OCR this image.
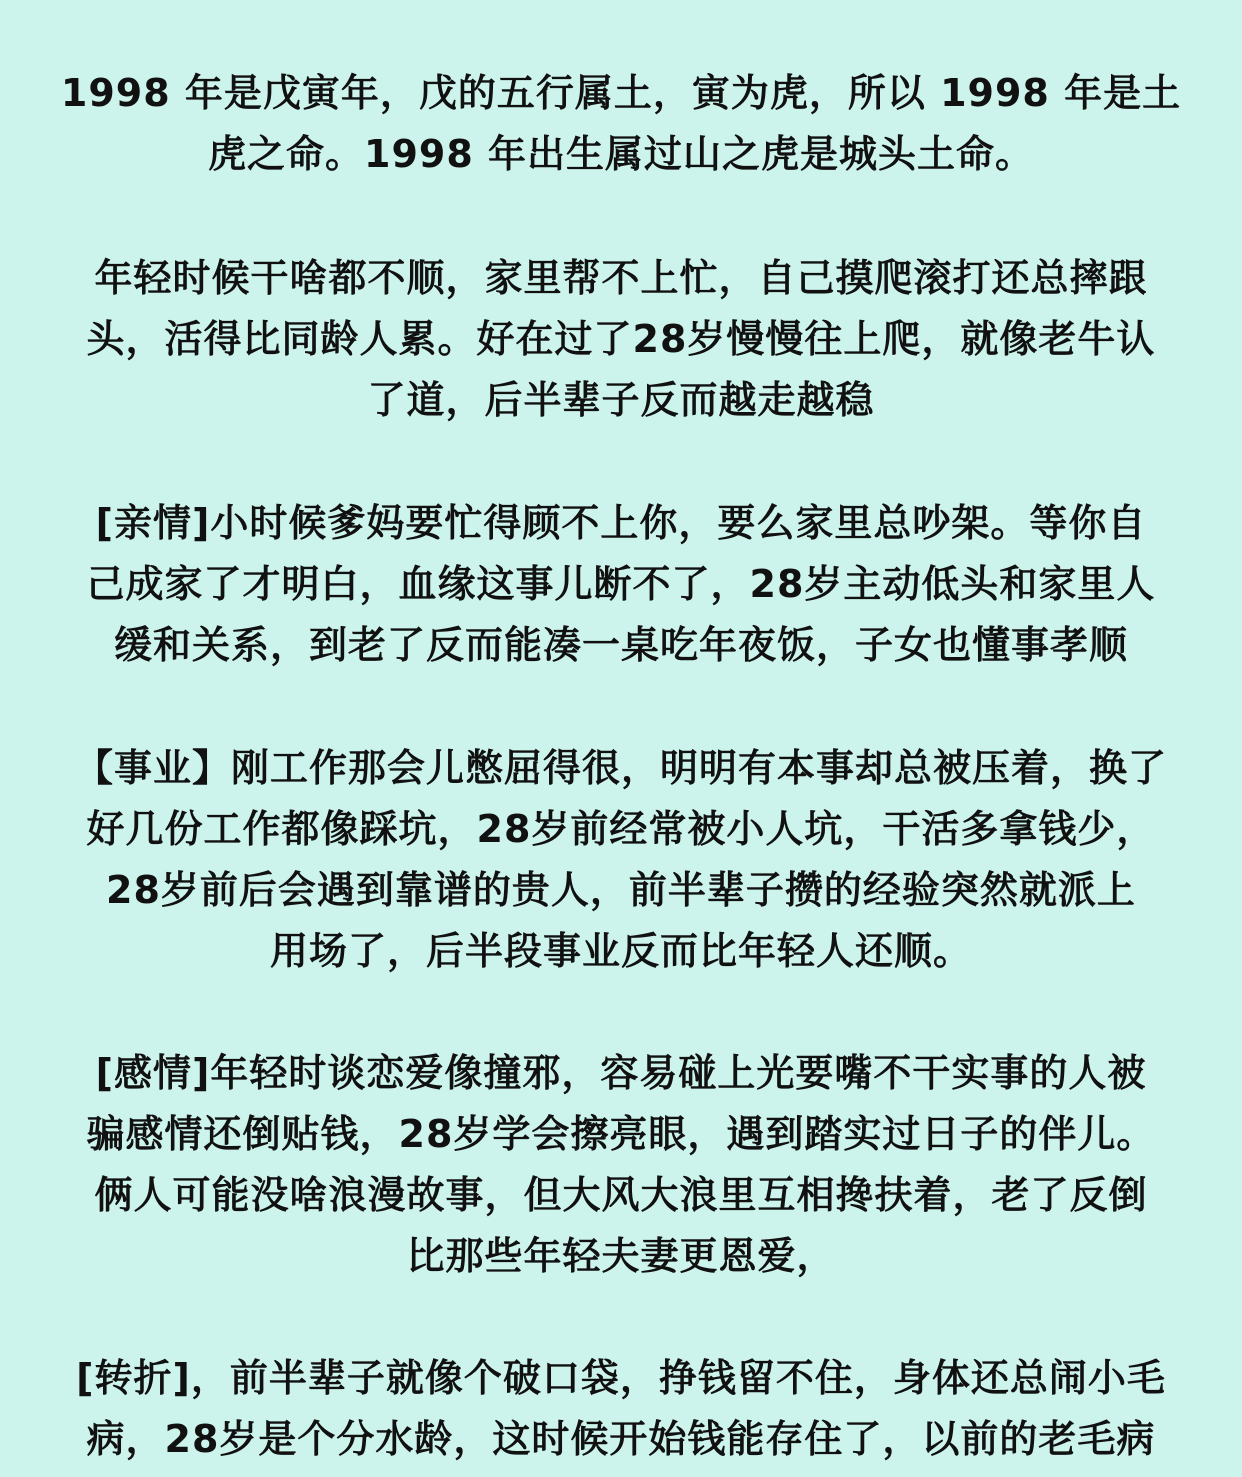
1998 年是戊寅年，戊的五行属土，寅为虎，所以 1998 年是土
虎之命。1998 年出生属过山之虎是城头土命。
年轻时候干啥都不顺，家里帮不上忙，自己摸爬滚打还总摔跟
头，活得比同龄人累。好在过了28岁慢慢往上爬，就像老牛认
了道，后半辈子反而越走越稳
[亲情]小时候爹妈要忙得顾不上你，要么家里总吵架。等你自
己成家了才明白，血缘这事儿断不了，28岁主动低头和家里人
缓和关系，到老了反而能凑一桌吃年夜饭，子女也懂事孝顺
【事业】刚工作那会儿憋屈得很，明明有本事却总被压着，换了
好几份工作都像踩坑，28岁前经常被小人坑，干活多拿钱少，
28岁前后会遇到靠谱的贵人，前半辈子攒的经验突然就派上
用场了，后半段事业反而比年轻人还顺。
[感情]年轻时谈恋爱像撞邪，容易碰上光要嘴不干实事的人被
骗感情还倒贴钱，28岁学会擦亮眼，遇到踏实过日子的伴儿。
俩人可能没啥浪漫故事，但大风大浪里互相搀扶着，老了反倒
比那些年轻夫妻更恩爱，
[转折]，前半辈子就像个破口袋，挣钱留不住，身体还总闹小毛
病，28岁是个分水龄，这时候开始钱能存住了，以前的老毛病
